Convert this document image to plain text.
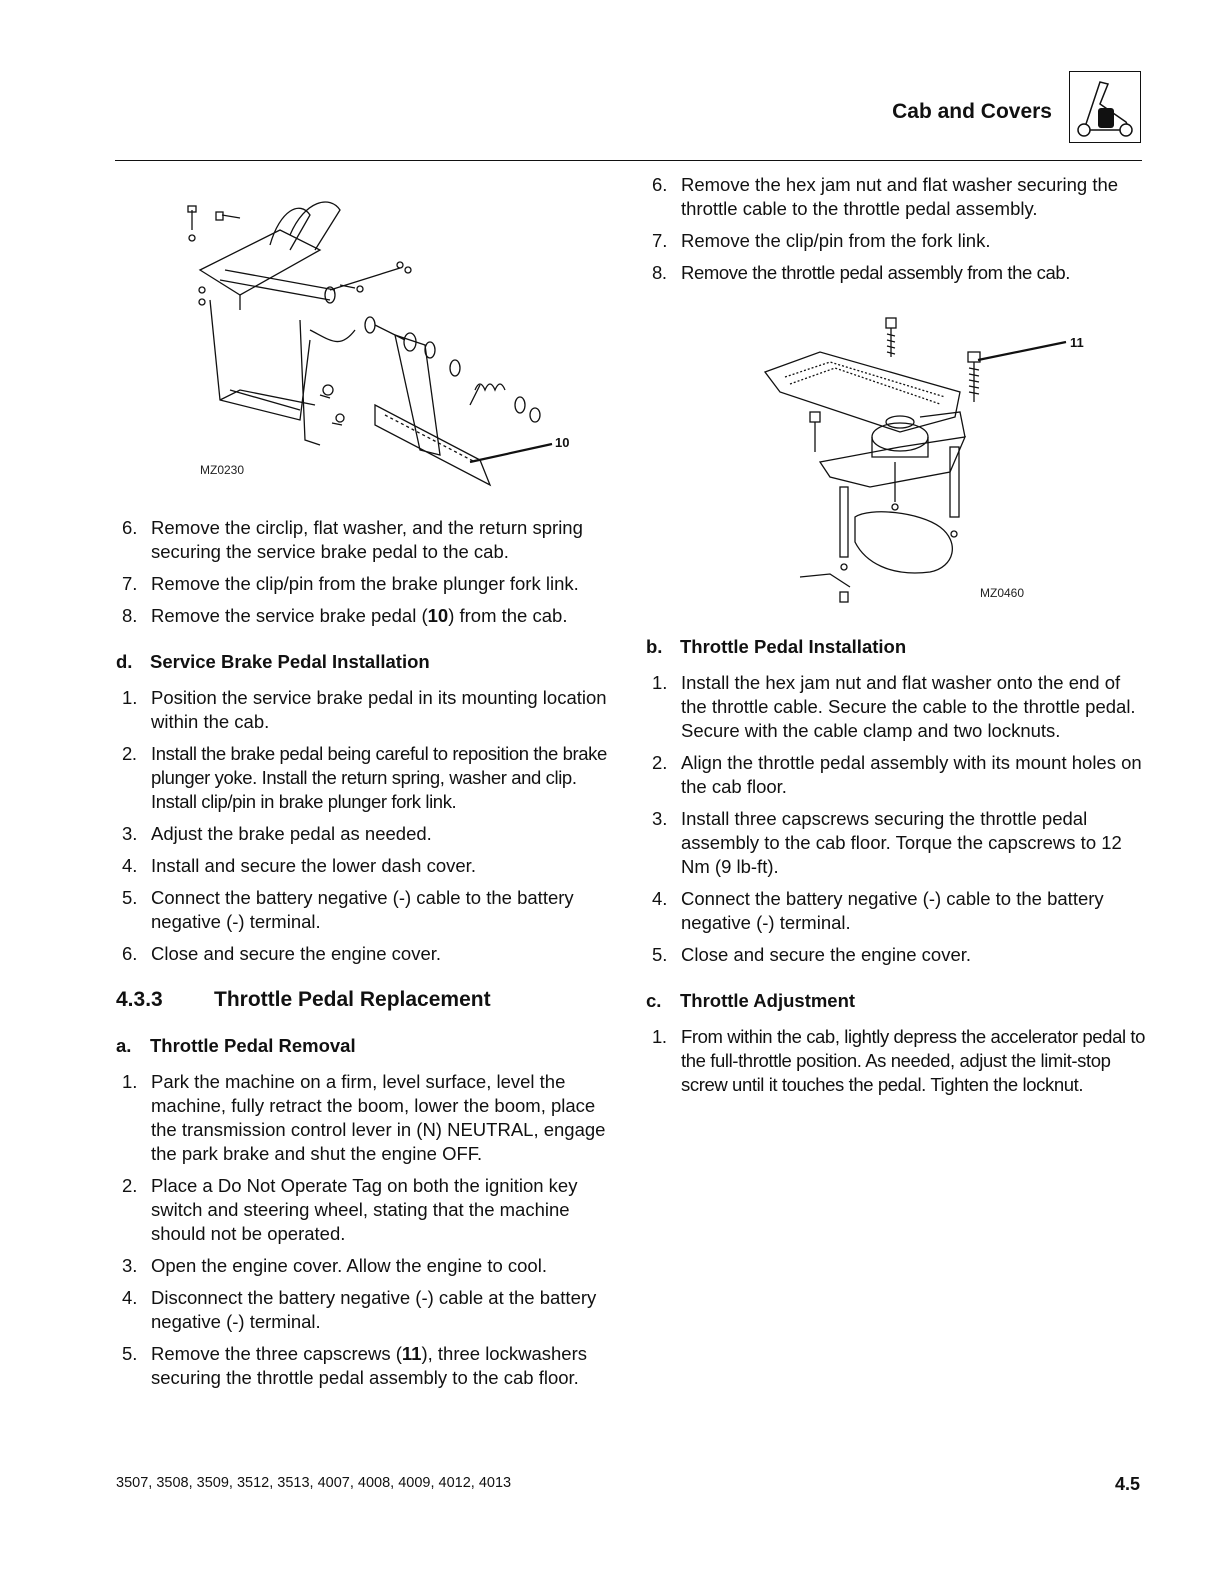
Cab and Covers
MZ0230
10
MZ0460
11
6. Remove the circlip, flat washer, and the return spring securing the service brake pedal to the cab.
7. Remove the clip/pin from the brake plunger fork link.
8. Remove the service brake pedal (10) from the cab.
d. Service Brake Pedal Installation
1. Position the service brake pedal in its mounting location within the cab.
2. Install the brake pedal being careful to reposition the brake plunger yoke. Install the return spring, washer and clip. Install clip/pin in brake plunger fork link.
3. Adjust the brake pedal as needed.
4. Install and secure the lower dash cover.
5. Connect the battery negative (-) cable to the battery negative (-) terminal.
6. Close and secure the engine cover.
4.3.3 Throttle Pedal Replacement
a. Throttle Pedal Removal
1. Park the machine on a firm, level surface, level the machine, fully retract the boom, lower the boom, place the transmission control lever in (N) NEUTRAL, engage the park brake and shut the engine OFF.
2. Place a Do Not Operate Tag on both the ignition key switch and steering wheel, stating that the machine should not be operated.
3. Open the engine cover. Allow the engine to cool.
4. Disconnect the battery negative (-) cable at the battery negative (-) terminal.
5. Remove the three capscrews (11), three lockwashers securing the throttle pedal assembly to the cab floor.
6. Remove the hex jam nut and flat washer securing the throttle cable to the throttle pedal assembly.
7. Remove the clip/pin from the fork link.
8. Remove the throttle pedal assembly from the cab.
b. Throttle Pedal Installation
1. Install the hex jam nut and flat washer onto the end of the throttle cable. Secure the cable to the throttle pedal. Secure with the cable clamp and two locknuts.
2. Align the throttle pedal assembly with its mount holes on the cab floor.
3. Install three capscrews securing the throttle pedal assembly to the cab floor. Torque the capscrews to 12 Nm (9 lb-ft).
4. Connect the battery negative (-) cable to the battery negative (-) terminal.
5. Close and secure the engine cover.
c. Throttle Adjustment
1. From within the cab, lightly depress the accelerator pedal to the full-throttle position. As needed, adjust the limit-stop screw until it touches the pedal. Tighten the locknut.
3507, 3508, 3509, 3512, 3513, 4007, 4008, 4009, 4012, 4013	4.5
